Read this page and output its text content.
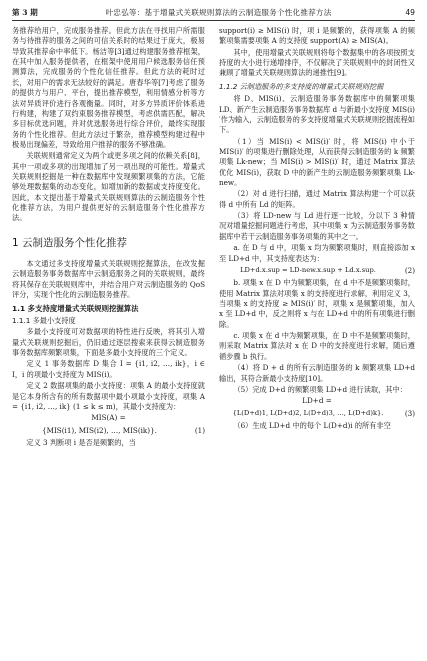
第 3 期	叶忠弘等：基于增量式关联规则算法的云制造服务个性化推荐方法	49

务推荐给用户，完成服务推荐。但此方法在寻找用户所需服务与待推荐的服务之间的可信关系时的结果过于庞大，极易导致其推荐命中率低下。杨洁等[3]通过构建服务推荐框架，在其中加入服务提供者，在框架中使用用户候选服务信任预测算法，完成服务的个性化信任推荐。但此方法的耗时过长，对用户的需求无法较好的满足。唐春华等[7]考虑了服务的提供方与用户、平台，提出推荐模型，利用情感分析等方法对异质评价进行各观衡量。同时，对多方异质评价体系进行构建，构建了双约束服务推荐模型，考虑供需匹配，解决多目标优选问题，并对优选服务进行综合评价，最终实现服务的个性化推荐。但此方法过于繁杂，推荐模型构建过程中极易出现偏差，导致给用户推荐的服务不够准确。

关联规则通常定义为两个或更多项之间的依赖关系[8]，其中一项或多项的出现增加了另一项出现的可能性。增量式关联规则挖掘是一种在数据库中发现频繁项集的方法，它能够处理数据集的动态变化，如增加新的数据或支持度变化。因此，本文提出基于增量式关联规则算法的云制造服务个性化推荐方法，为用户提供更好的云制造服务个性化推荐方法。

1 云制造服务个性化推荐

本文通过多支持度增量式关联规则挖掘算法，在改发掘云制造服务事务数据库中云制造服务之间的关联规则，最终将其保存在关联规则库中，并结合用户对云制造服务的 QoS 评分，实现个性化的云制造服务推荐。

1.1 多支持度增量式关联规则挖掘算法
1.1.1 多最小支持度

多最小支持度可对数据项的特性进行反映，将其引入增量式关联规则挖掘后，仍旧通过逐层搜索来获得云制造服务事务数据库频繁项集，下面是多最小支持度的三个定义。

定义 1 事务数据库 D 集合 I = {i1, i2, …, ik}，i ∈ I，i 的项最小支持度为 MIS(i)。

定义 2 数据项集的最小支持度：项集 A 的最小支持度就是它本身所含有的所有数据项中最小项最小支持度，项集 A = {i1, i2, …, ik} (1 ≤ k ≤ m)，其最小支持度为：

MIS(A) =
{MIS(i1), MIS(i2), …, MIS(ik)}.	(1)

定义 3 判断项 i 是否是频繁的，当

support(i) ≥ MIS(i) 时，项 i 是频繁的，获得项集 A 的频繁项集需要项集 A 的支持度 support(A) ≥ MIS(A)。

其中，使用增量式关联规则将每个数据集中的各项按照支持度的大小进行递增排序，不仅解决了关联规则中的封闭性又兼顾了增量式关联规则算法的递推性[9]。

1.1.2 云制造服务的多支持度的增量式关联规则挖掘

将 D、MIS(i)、云制造服务事务数据库中的频繁项集 LD、新产生云制造服务事务数据库 d 与新最小支持度 MIS(i)′作为输入，云制造服务的多支持度增量式关联规则挖掘流程如下。

（1）当 MIS(i) < MIS(i)′ 时，将 MIS(i) 中小于 MIS(i)′ 的项集进行删除处理，从而获得云制造服务的 k 频繁项集 Lk-new；当 MIS(i) > MIS(i)′ 时，通过 Matrix 算法优化 MIS(i)，获取 D 中的新产生的云制造服务频繁项集 Lk-new。

（2）对 d 进行扫描，通过 Matrix 算法构建一个可以获得 d 中所有 Ld 的矩阵。

（3）将 LD-new 与 Ld 进行逐一比较，分以下 3 种情况对增量挖掘问题进行考虑，其中项集 x 为云制造服务事务数据库中若干云制造服务事务项集的其中之一。

a. 在 D 与 d 中，项集 x 均为频繁项集时，则直接添加 x 至 LD+d 中，其支持度表达为：

LD+d.x.sup = LD-new.x.sup + Ld.x.sup.	(2)

b. 项集 x 在 D 中为频繁项集，在 d 中不是频繁项集时，使用 Matrix 算法对项集 x 的支持度进行求解，利用定义 3，当项集 x 的支持度 ≥ MIS(i)′ 时，项集 x 是频繁项集，加入 x 至 LD+d 中，反之则将 x 与在 LD+d 中的所有项集进行删除。

c. 项集 x 在 d 中为频繁项集，在 D 中不是频繁项集时，则采取 Matrix 算法对 x 在 D 中的支持度进行求解，随后遵循步骤 b 执行。

（4）将 D + d 的所有云制造服务的 k 频繁项集 LD+d 输出，其符合新最小支持度[10]。

（5）完成 D+d 的频繁项集 LD+d 进行读取，其中：

LD+d =
{L(D+d)1, L(D+d)2, L(D+d)3, …, L(D+d)k}.	(3)

（6）生成 LD+d 中的每个 L(D+d)i 的所有非空
